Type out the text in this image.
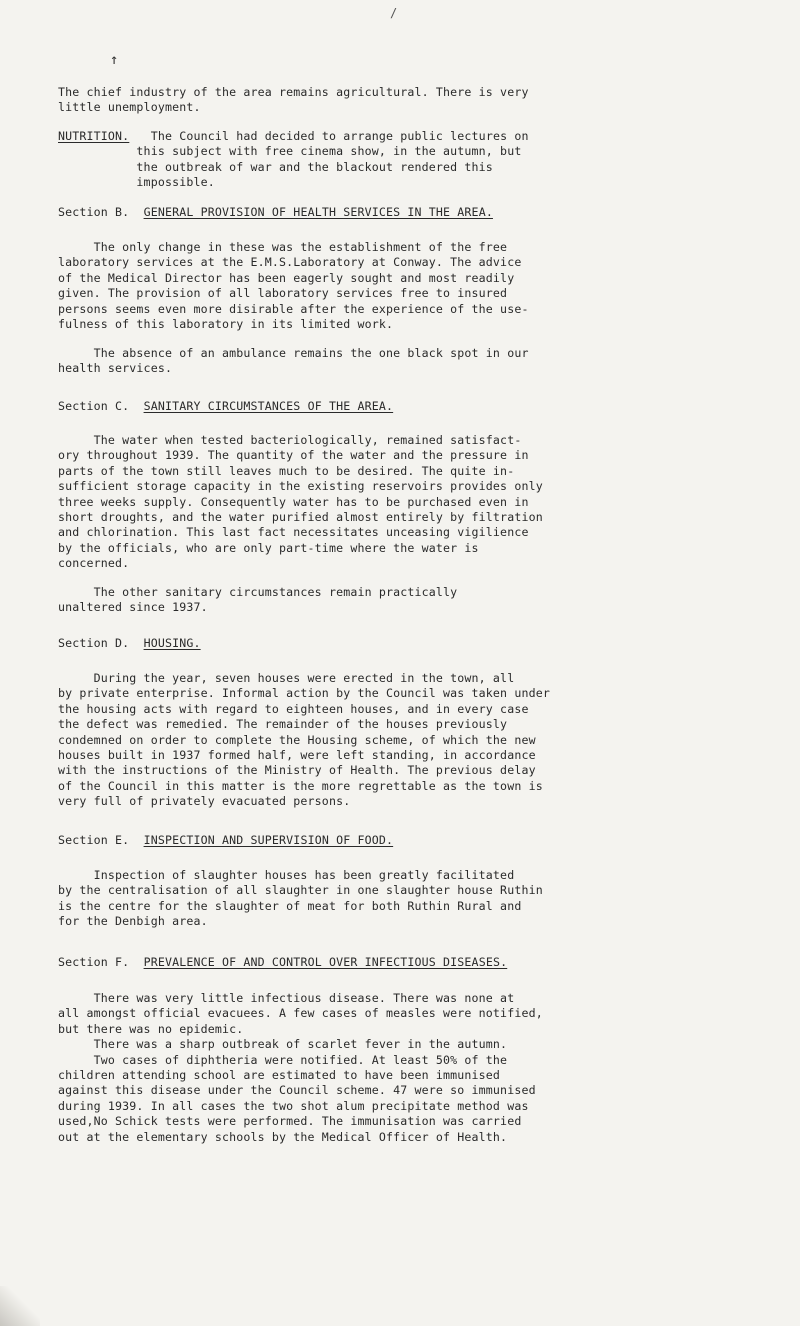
/
↑

The chief industry of the area remains agricultural. There is very
little unemployment.

NUTRITION.   The Council had decided to arrange public lectures on
this subject with free cinema show, in the autumn, but
the outbreak of war and the blackout rendered this
impossible.
Section B. GENERAL PROVISION OF HEALTH SERVICES IN THE AREA.

The only change in these was the establishment of the free
laboratory services at the E.M.S.Laboratory at Conway. The advice
of the Medical Director has been eagerly sought and most readily
given. The provision of all laboratory services free to insured
persons seems even more disirable after the experience of the use-
fulness of this laboratory in its limited work.

The absence of an ambulance remains the one black spot in our
health services.

Section C. SANITARY CIRCUMSTANCES OF THE AREA.

The water when tested bacteriologically, remained satisfact-
ory throughout 1939. The quantity of the water and the pressure in
parts of the town still leaves much to be desired. The quite in-
sufficient storage capacity in the existing reservoirs provides only
three weeks supply. Consequently water has to be purchased even in
short droughts, and the water purified almost entirely by filtration
and chlorination. This last fact necessitates unceasing vigilience
by the officials, who are only part-time where the water is
concerned.

The other sanitary circumstances remain practically
unaltered since 1937.

Section D. HOUSING.

During the year, seven houses were erected in the town, all
by private enterprise. Informal action by the Council was taken under
the housing acts with regard to eighteen houses, and in every case
the defect was remedied. The remainder of the houses previously
condemned on order to complete the Housing scheme, of which the new
houses built in 1937 formed half, were left standing, in accordance
with the instructions of the Ministry of Health. The previous delay
of the Council in this matter is the more regrettable as the town is
very full of privately evacuated persons.

Section E. INSPECTION AND SUPERVISION OF FOOD.

Inspection of slaughter houses has been greatly facilitated
by the centralisation of all slaughter in one slaughter house Ruthin
is the centre for the slaughter of meat for both Ruthin Rural and
for the Denbigh area.

Section F. PREVALENCE OF AND CONTROL OVER INFECTIOUS DISEASES.

There was very little infectious disease. There was none at
all amongst official evacuees. A few cases of measles were notified,
but there was no epidemic.
There was a sharp outbreak of scarlet fever in the autumn.
Two cases of diphtheria were notified. At least 50% of the
children attending school are estimated to have been immunised
against this disease under the Council scheme. 47 were so immunised
during 1939. In all cases the two shot alum precipitate method was
used,No Schick tests were performed. The immunisation was carried
out at the elementary schools by the Medical Officer of Health.
